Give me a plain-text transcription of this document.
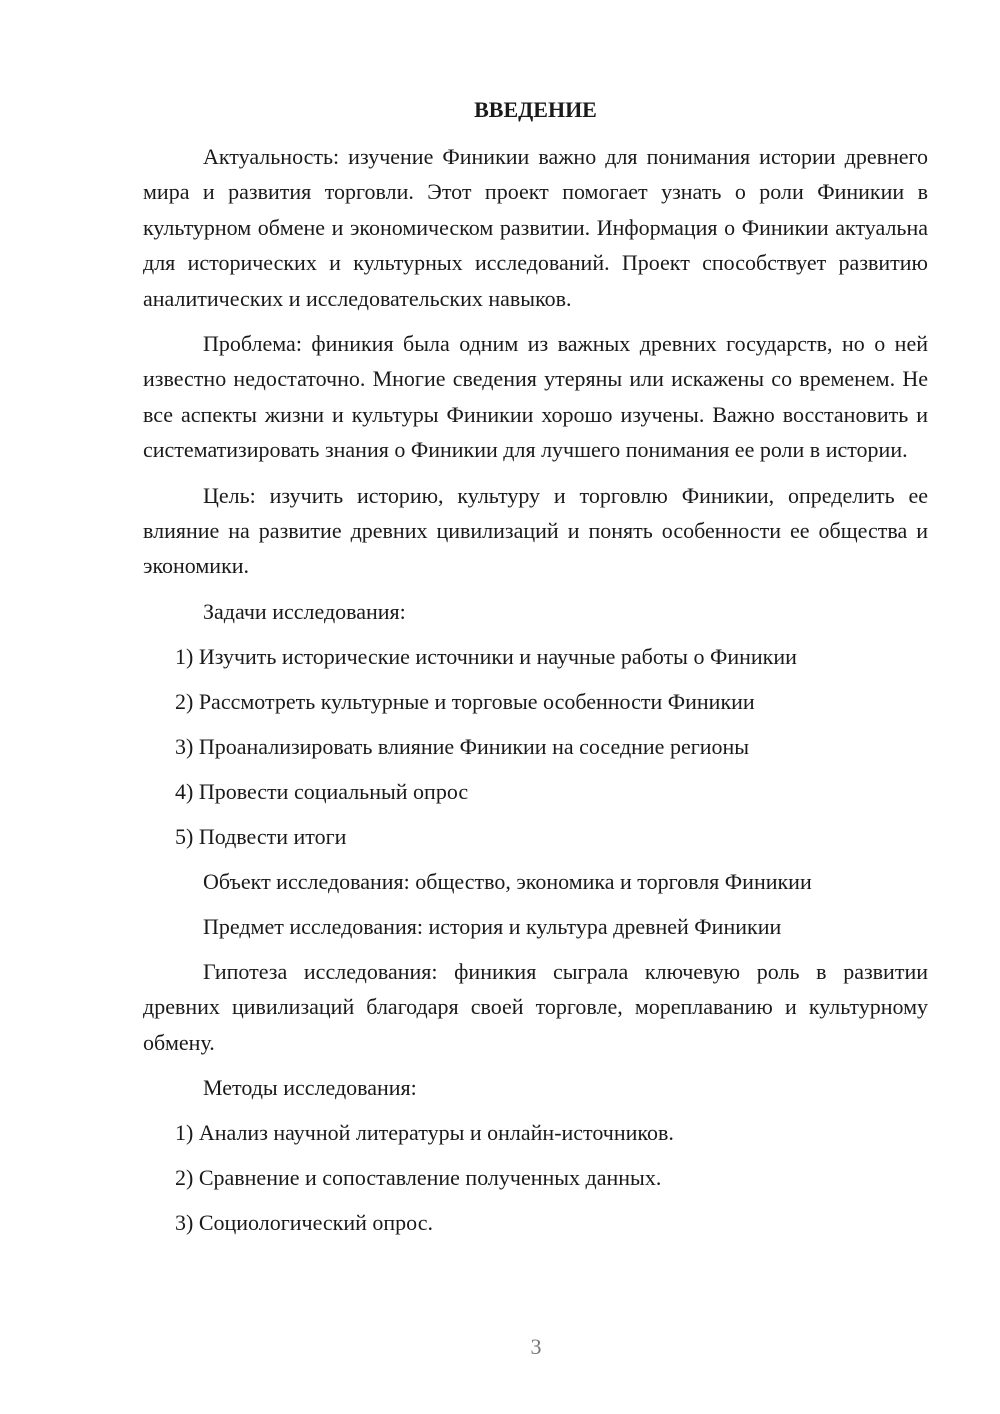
ВВЕДЕНИЕ

Актуальность: изучение Финикии важно для понимания истории древнего мира и развития торговли. Этот проект помогает узнать о роли Финикии в культурном обмене и экономическом развитии. Информация о Финикии актуальна для исторических и культурных исследований. Проект способствует развитию аналитических и исследовательских навыков.

Проблема: финикия была одним из важных древних государств, но о ней известно недостаточно. Многие сведения утеряны или искажены со временем. Не все аспекты жизни и культуры Финикии хорошо изучены. Важно восстановить и систематизировать знания о Финикии для лучшего понимания ее роли в истории.

Цель: изучить историю, культуру и торговлю Финикии, определить ее влияние на развитие древних цивилизаций и понять особенности ее общества и экономики.

Задачи исследования:
1) Изучить исторические источники и научные работы о Финикии
2) Рассмотреть культурные и торговые особенности Финикии
3) Проанализировать влияние Финикии на соседние регионы
4) Провести социальный опрос
5) Подвести итоги
Объект исследования: общество, экономика и торговля Финикии
Предмет исследования: история и культура древней Финикии

Гипотеза исследования: финикия сыграла ключевую роль в развитии древних цивилизаций благодаря своей торговле, мореплаванию и культурному обмену.

Методы исследования:
1) Анализ научной литературы и онлайн-источников.
2) Сравнение и сопоставление полученных данных.
3) Социологический опрос.
3
